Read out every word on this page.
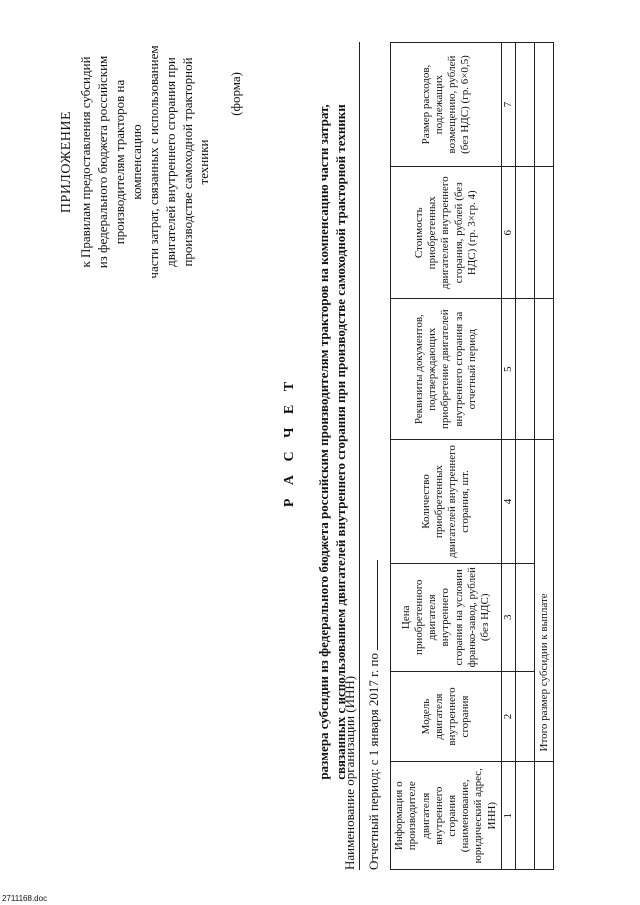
ПРИЛОЖЕНИЕ к Правилам предоставления субсидий из федерального бюджета российским производителям тракторов на компенсацию части затрат, связанных с использованием двигателей внутреннего сгорания при производстве самоходной тракторной техники
(форма)
Р А С Ч Е Т размера субсидии из федерального бюджета российским производителям тракторов на компенсацию части затрат, связанных с использованием двигателей внутреннего сгорания при производстве самоходной тракторной техники
Наименование организации (ИНН) Отчетный период: с 1 января 2017 г. по Информация о производителе двигателя внутреннего сгорания (наименование, юридический адрес, ИНН)	Модель двигателя внутреннего сгорания	Цена приобретенного двигателя внутреннего сгорания на условии франко-завод, рублей (без НДС)	Количество приобретенных двигателей внутреннего сгорания, шт.	Реквизиты документов, подтверждающих приобретение двигателей внутреннего сгорания за отчетный период	Стоимость приобретенных двигателей внутреннего сгорания, рублей (без НДС) (гр. 3×гр. 4)	Размер расходов, подлежащих возмещению, рублей (без НДС) (гр. 6×0,5)
1	2	3	4	5	6	7

	Итого размер субсидии к выплате					
2711168.doc
